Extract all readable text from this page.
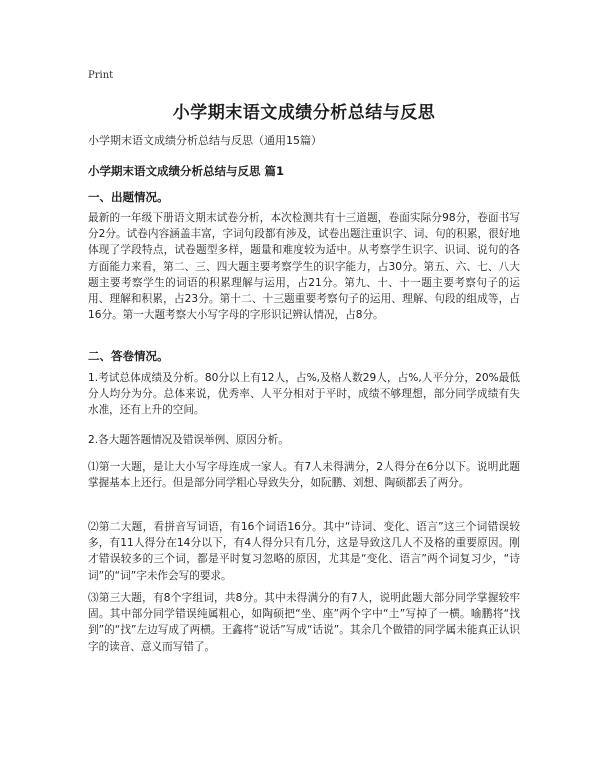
Print
小学期末语文成绩分析总结与反思
小学期末语文成绩分析总结与反思（通用15篇）
小学期末语文成绩分析总结与反思 篇1
一、出题情况。
最新的一年级下册语文期末试卷分析，本次检测共有十三道题，卷面实际分98分，卷面书写分2分。试卷内容涵盖丰富，字词句段都有涉及，试卷出题注重识字、词、句的积累，很好地体现了学段特点，试卷题型多样，题量和难度较为适中。从考察学生识字、识词、说句的各方面能力来看，第二、三、四大题主要考察学生的识字能力，占30分。第五、六、七、八大题主要考察学生的词语的积累理解与运用，占21分。第九、十、十一题主要考察句子的运用、理解和积累，占23分。第十二、十三题重要考察句子的运用、理解、句段的组成等，占16分。第一大题考察大小写字母的字形识记辨认情况，占8分。
二、答卷情况。
1.考试总体成绩及分析。80分以上有12人，占%,及格人数29人，占%,人平分分，20%最低分人均分为分。总体来说，优秀率、人平分相对于平时，成绩不够理想，部分同学成绩有失水准，还有上升的空间。
2.各大题答题情况及错误举例、原因分析。
⑴第一大题，是让大小写字母连成一家人。有7人未得满分，2人得分在6分以下。说明此题掌握基本上还行。但是部分同学粗心导致失分，如阮鹏、刘想、陶硕都丢了两分。
⑵第二大题，看拼音写词语，有16个词语16分。其中“诗词、变化、语言”这三个词错误较多，有11人得分在14分以下，有4人得分只有几分，这是导致这几人不及格的重要原因。刚才错误较多的三个词，都是平时复习忽略的原因，尤其是“变化、语言”两个词复习少，“诗词”的“词”字未作会写的要求。
⑶第三大题，有8个字组词，共8分。其中未得满分的有7人，说明此题大部分同学掌握较牢固。其中部分同学错误纯属粗心，如陶硕把“坐、座”两个字中“土”写掉了一横。喻鹏将“找到”的“找”左边写成了两横。王鑫将“说话”写成“话说”。其余几个做错的同学属未能真正认识字的读音、意义而写错了。
